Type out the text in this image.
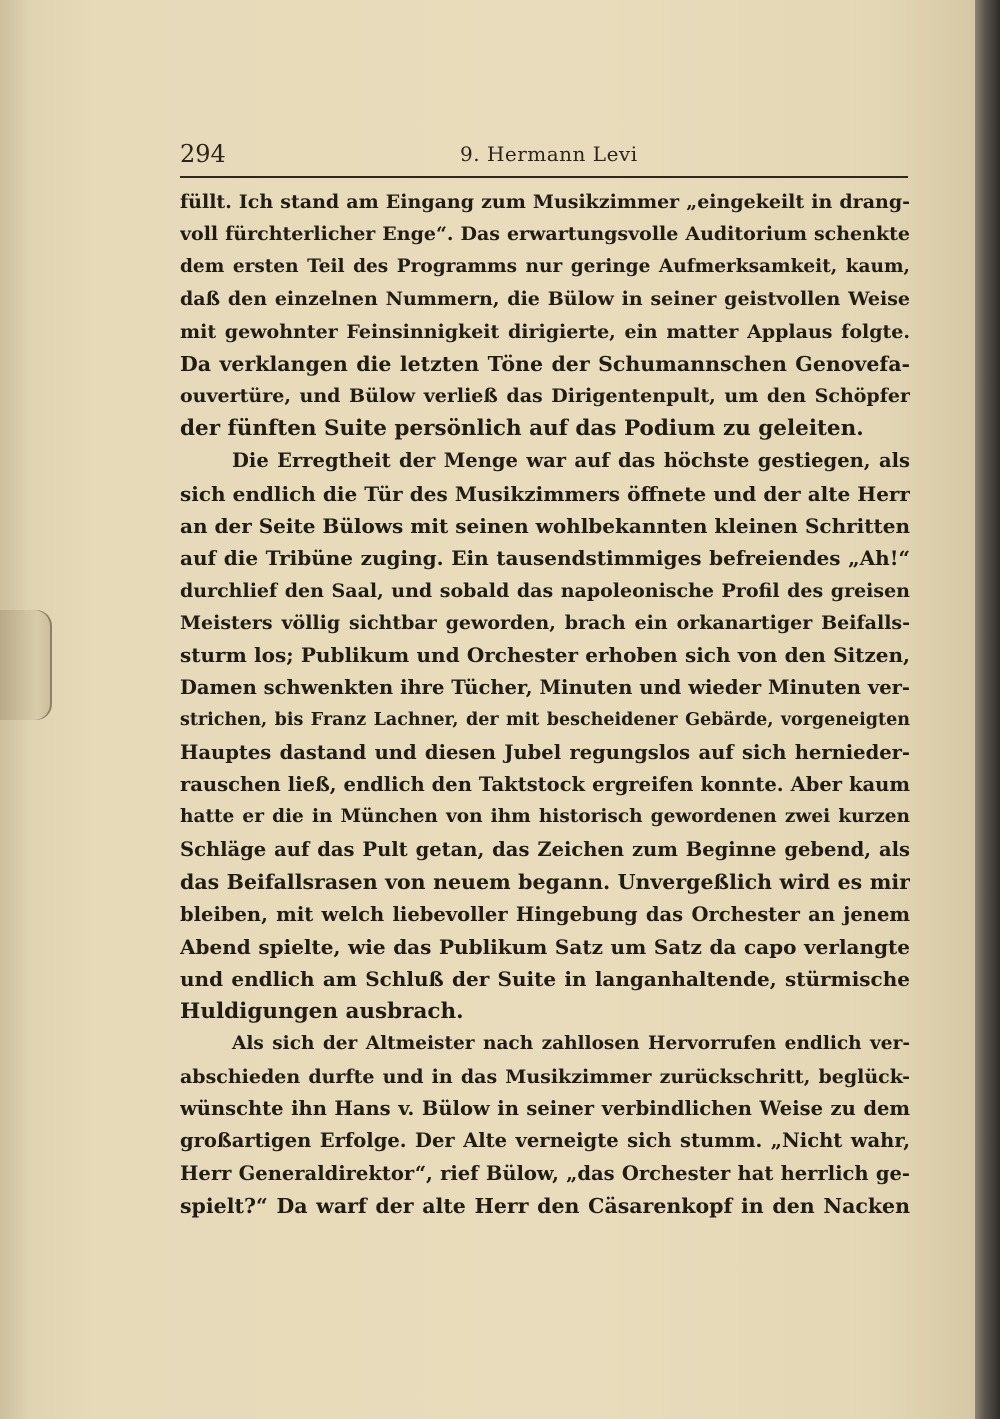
294	9. Hermann Levi
füllt. Ich stand am Eingang zum Musikzimmer „eingekeilt in drang-
voll fürchterlicher Enge“. Das erwartungsvolle Auditorium schenkte
dem ersten Teil des Programms nur geringe Aufmerksamkeit, kaum,
daß den einzelnen Nummern, die Bülow in seiner geistvollen Weise
mit gewohnter Feinsinnigkeit dirigierte, ein matter Applaus folgte.
Da verklangen die letzten Töne der Schumannschen Genovefa-
ouvertüre, und Bülow verließ das Dirigentenpult, um den Schöpfer
der fünften Suite persönlich auf das Podium zu geleiten.
Die Erregtheit der Menge war auf das höchste gestiegen, als
sich endlich die Tür des Musikzimmers öffnete und der alte Herr
an der Seite Bülows mit seinen wohlbekannten kleinen Schritten
auf die Tribüne zuging. Ein tausendstimmiges befreiendes „Ah!“
durchlief den Saal, und sobald das napoleonische Profil des greisen
Meisters völlig sichtbar geworden, brach ein orkanartiger Beifalls-
sturm los; Publikum und Orchester erhoben sich von den Sitzen,
Damen schwenkten ihre Tücher, Minuten und wieder Minuten ver-
strichen, bis Franz Lachner, der mit bescheidener Gebärde, vorgeneigten
Hauptes dastand und diesen Jubel regungslos auf sich hernieder-
rauschen ließ, endlich den Taktstock ergreifen konnte. Aber kaum
hatte er die in München von ihm historisch gewordenen zwei kurzen
Schläge auf das Pult getan, das Zeichen zum Beginne gebend, als
das Beifallsrasen von neuem begann. Unvergeßlich wird es mir
bleiben, mit welch liebevoller Hingebung das Orchester an jenem
Abend spielte, wie das Publikum Satz um Satz da capo verlangte
und endlich am Schluß der Suite in langanhaltende, stürmische
Huldigungen ausbrach.
Als sich der Altmeister nach zahllosen Hervorrufen endlich ver-
abschieden durfte und in das Musikzimmer zurückschritt, beglück-
wünschte ihn Hans v. Bülow in seiner verbindlichen Weise zu dem
großartigen Erfolge. Der Alte verneigte sich stumm. „Nicht wahr,
Herr Generaldirektor“, rief Bülow, „das Orchester hat herrlich ge-
spielt?“ Da warf der alte Herr den Cäsarenkopf in den Nacken
